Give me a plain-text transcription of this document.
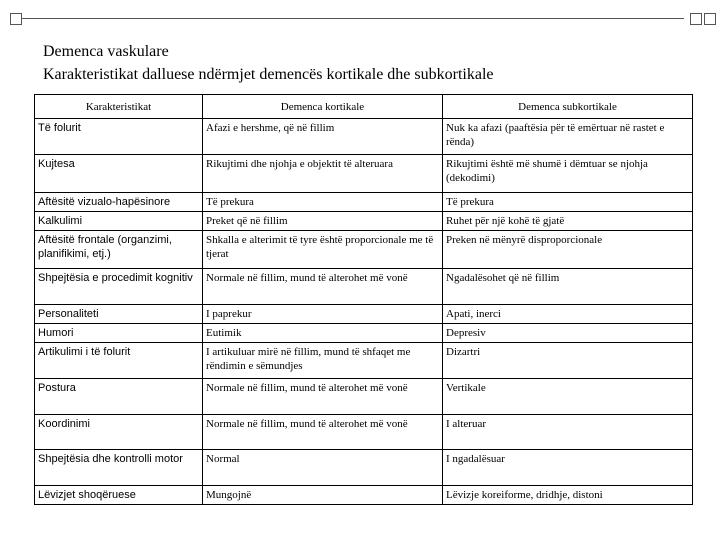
Demenca vaskulare
Karakteristikat dalluese ndërmjet demencës kortikale dhe subkortikale
Karakteristikat	Demenca kortikale	Demenca subkortikale
Të folurit	Afazi e hershme, që në fillim	Nuk ka afazi (paaftësia për të emërtuar në rastet e rënda)
Kujtesa	Rikujtimi dhe njohja e objektit të alteruara	Rikujtimi është më shumë i dëmtuar se njohja (dekodimi)
Aftësitë vizualo-hapësinore	Të prekura	Të prekura
Kalkulimi	Preket që në fillim	Ruhet për një kohë të gjatë
Aftësitë frontale (organzimi, planifikimi, etj.)	Shkalla e alterimit të tyre është proporcionale me të tjerat	Preken në mënyrë disproporcionale
Shpejtësia e procedimit kognitiv	Normale në fillim, mund të alterohet më vonë	Ngadalësohet që në fillim
Personaliteti	I paprekur	Apati, inerci
Humori	Eutimik	Depresiv
Artikulimi i të folurit	I artikuluar mirë në fillim, mund të shfaqet me rëndimin e sëmundjes	Dizartri
Postura	Normale në fillim, mund të alterohet më vonë	Vertikale
Koordinimi	Normale në fillim, mund të alterohet më vonë	I alteruar
Shpejtësia dhe kontrolli motor	Normal	I ngadalësuar
Lëvizjet shoqëruese	Mungojnë	Lëvizje koreiforme, dridhje, distoni
